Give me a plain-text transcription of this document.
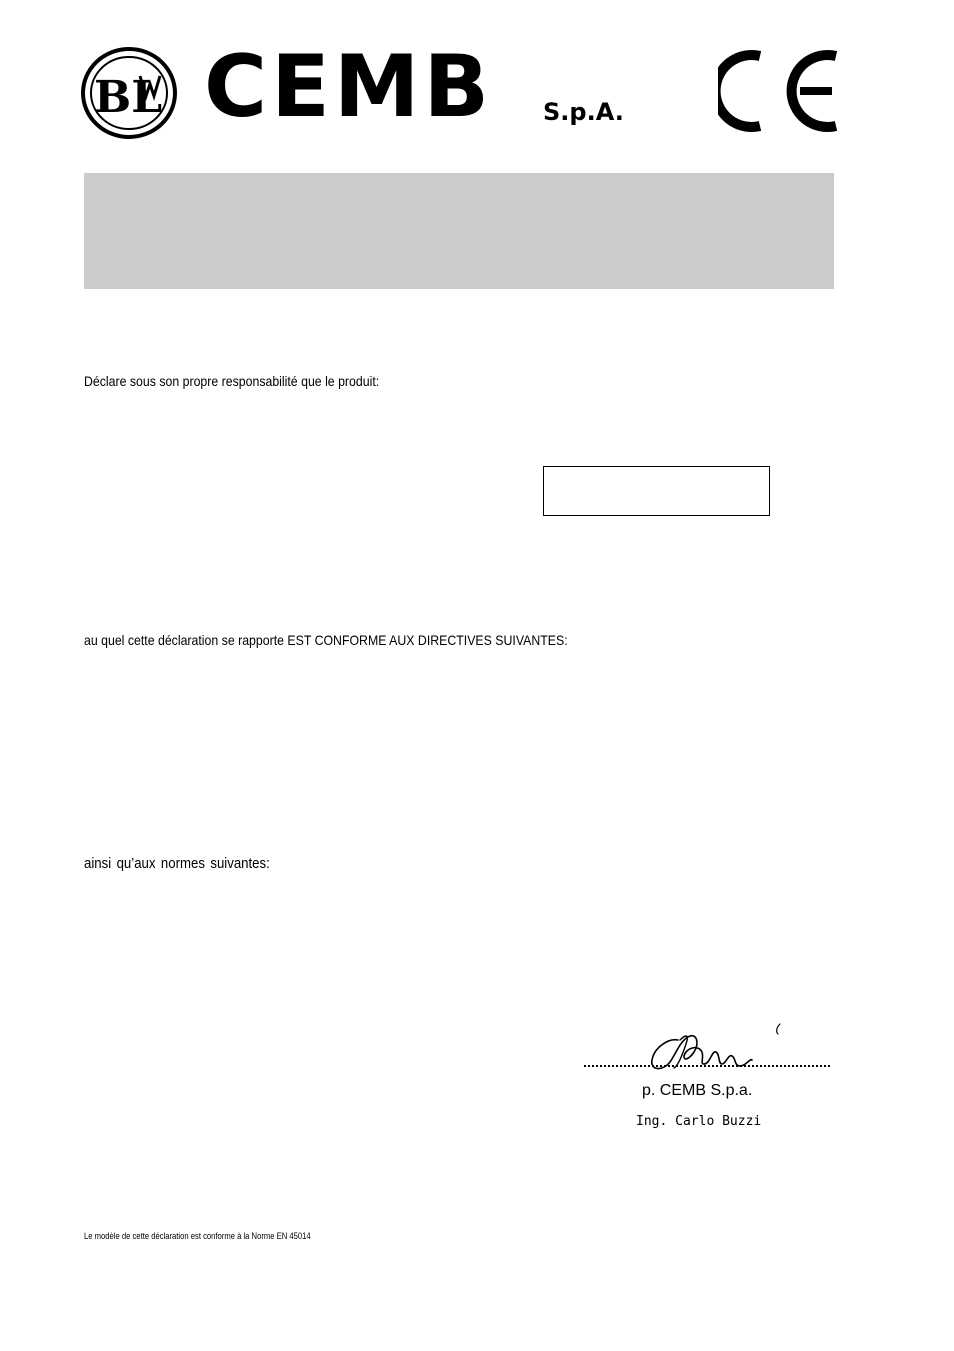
BL CEMB S.p.A.
Déclare sous son propre responsabilité que le produit:
au quel cette déclaration se rapporte EST CONFORME AUX DIRECTIVES SUIVANTES:
ainsi qu’aux normes suivantes:
p. CEMB S.p.a.
Ing. Carlo Buzzi
Le modèle de cette déclaration est conforme à la Norme EN 45014
